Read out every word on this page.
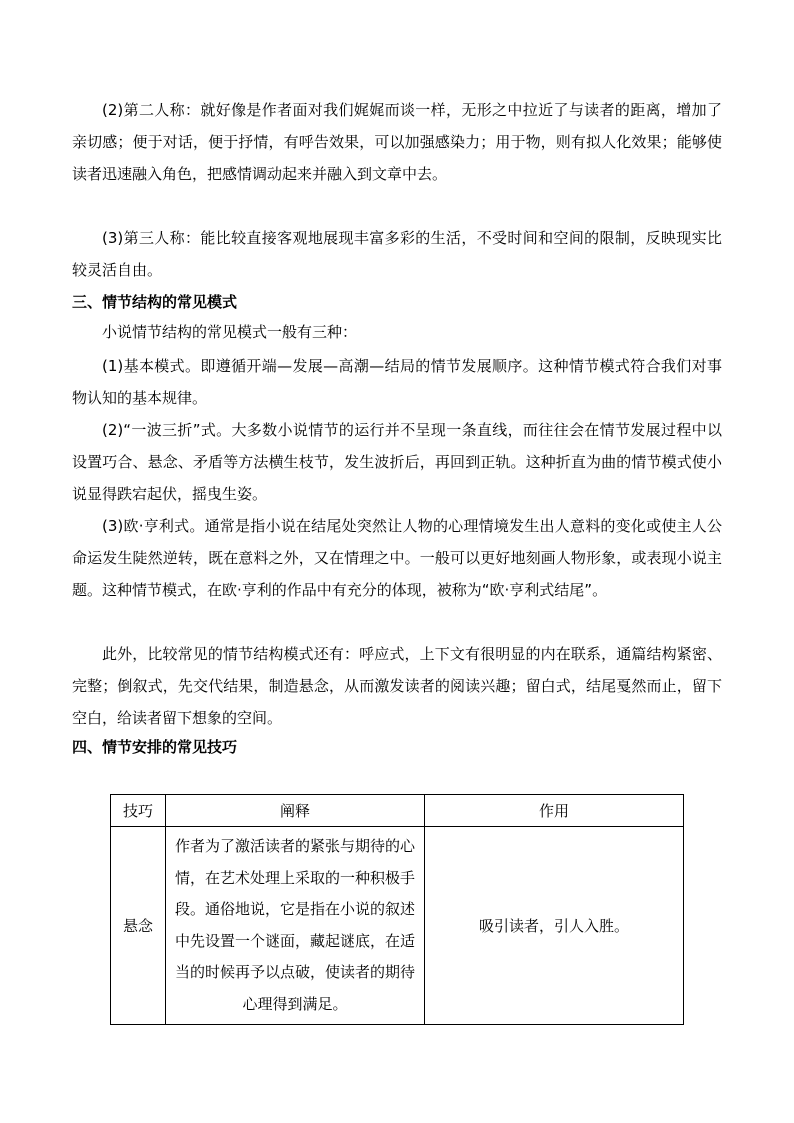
(2)第二人称：就好像是作者面对我们娓娓而谈一样，无形之中拉近了与读者的距离，增加了亲切感；便于对话，便于抒情，有呼告效果，可以加强感染力；用于物，则有拟人化效果；能够使读者迅速融入角色，把感情调动起来并融入到文章中去。

(3)第三人称：能比较直接客观地展现丰富多彩的生活，不受时间和空间的限制，反映现实比较灵活自由。

三、情节结构的常见模式

小说情节结构的常见模式一般有三种：

(1)基本模式。即遵循开端—发展—高潮—结局的情节发展顺序。这种情节模式符合我们对事物认知的基本规律。

(2)“一波三折”式。大多数小说情节的运行并不呈现一条直线，而往往会在情节发展过程中以设置巧合、悬念、矛盾等方法横生枝节，发生波折后，再回到正轨。这种折直为曲的情节模式使小说显得跌宕起伏，摇曳生姿。

(3)欧·亨利式。通常是指小说在结尾处突然让人物的心理情境发生出人意料的变化或使主人公命运发生陡然逆转，既在意料之外，又在情理之中。一般可以更好地刻画人物形象，或表现小说主题。这种情节模式，在欧·亨利的作品中有充分的体现，被称为“欧·亨利式结尾”。

此外，比较常见的情节结构模式还有：呼应式，上下文有很明显的内在联系，通篇结构紧密、完整；倒叙式，先交代结果，制造悬念，从而激发读者的阅读兴趣；留白式，结尾戛然而止，留下空白，给读者留下想象的空间。

四、情节安排的常见技巧
技巧	阐释	作用
悬念	作者为了激活读者的紧张与期待的心情，在艺术处理上采取的一种积极手段。通俗地说，它是指在小说的叙述中先设置一个谜面，藏起谜底，在适当的时候再予以点破，使读者的期待心理得到满足。	吸引读者，引人入胜。
